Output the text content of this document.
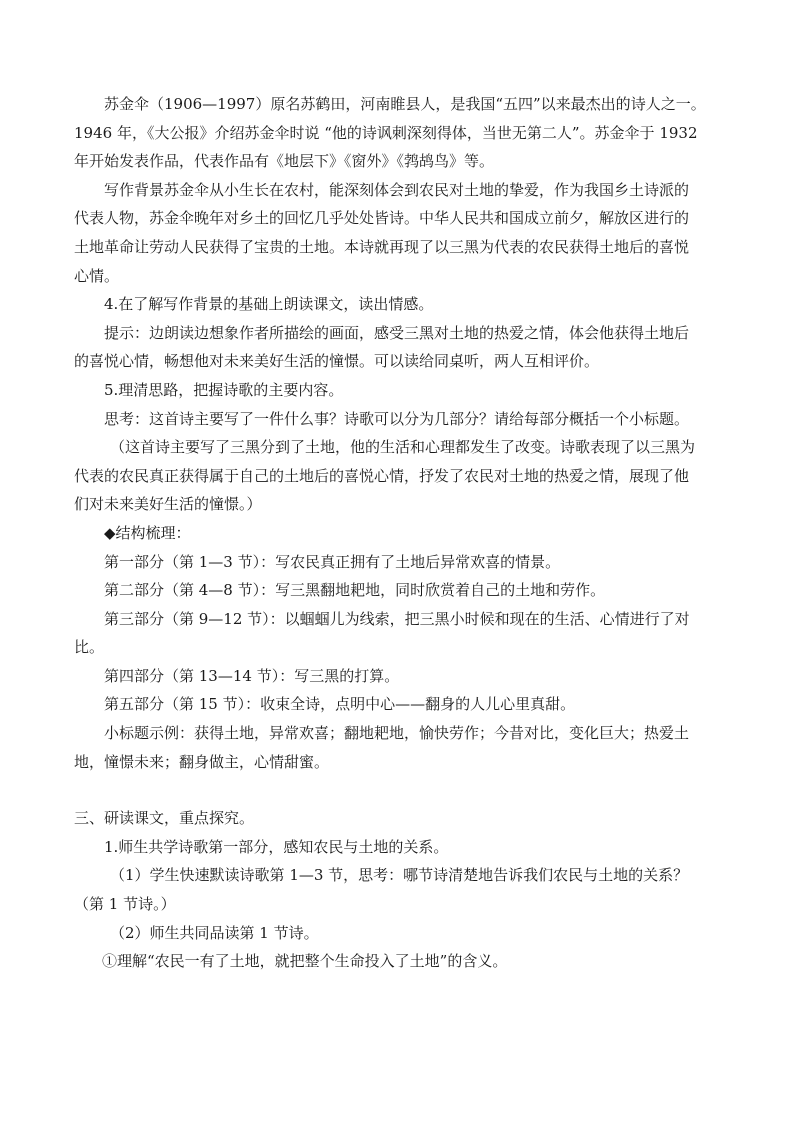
苏金伞（1906—1997）原名苏鹤田，河南睢县人，是我国“五四”以来最杰出的诗人之一。
1946 年，《大公报》介绍苏金伞时说 “他的诗讽刺深刻得体，当世无第二人”。苏金伞于 1932
年开始发表作品，代表作品有《地层下》《窗外》《鹁鸪鸟》等。
写作背景苏金伞从小生长在农村，能深刻体会到农民对土地的挚爱，作为我国乡土诗派的
代表人物，苏金伞晚年对乡土的回忆几乎处处皆诗。中华人民共和国成立前夕，解放区进行的
土地革命让劳动人民获得了宝贵的土地。本诗就再现了以三黑为代表的农民获得土地后的喜悦
心情。
4.在了解写作背景的基础上朗读课文，读出情感。
提示：边朗读边想象作者所描绘的画面，感受三黑对土地的热爱之情，体会他获得土地后
的喜悦心情，畅想他对未来美好生活的憧憬。可以读给同桌听，两人互相评价。
5.理清思路，把握诗歌的主要内容。
思考：这首诗主要写了一件什么事？诗歌可以分为几部分？请给每部分概括一个小标题。
（这首诗主要写了三黑分到了土地，他的生活和心理都发生了改变。诗歌表现了以三黑为
代表的农民真正获得属于自己的土地后的喜悦心情，抒发了农民对土地的热爱之情，展现了他
们对未来美好生活的憧憬。）
◆结构梳理：
第一部分（第 1—3 节）：写农民真正拥有了土地后异常欢喜的情景。
第二部分（第 4—8 节）：写三黑翻地耙地，同时欣赏着自己的土地和劳作。
第三部分（第 9—12 节）：以蝈蝈儿为线索，把三黑小时候和现在的生活、心情进行了对
比。
第四部分（第 13—14 节）：写三黑的打算。
第五部分（第 15 节）：收束全诗，点明中心——翻身的人儿心里真甜。
小标题示例：获得土地，异常欢喜；翻地耙地，愉快劳作；今昔对比，变化巨大；热爱土
地，憧憬未来；翻身做主，心情甜蜜。
三、研读课文，重点探究。
1.师生共学诗歌第一部分，感知农民与土地的关系。
（1）学生快速默读诗歌第 1—3 节，思考：哪节诗清楚地告诉我们农民与土地的关系？
（第 1 节诗。）
（2）师生共同品读第 1 节诗。
①理解“农民一有了土地，就把整个生命投入了土地”的含义。
